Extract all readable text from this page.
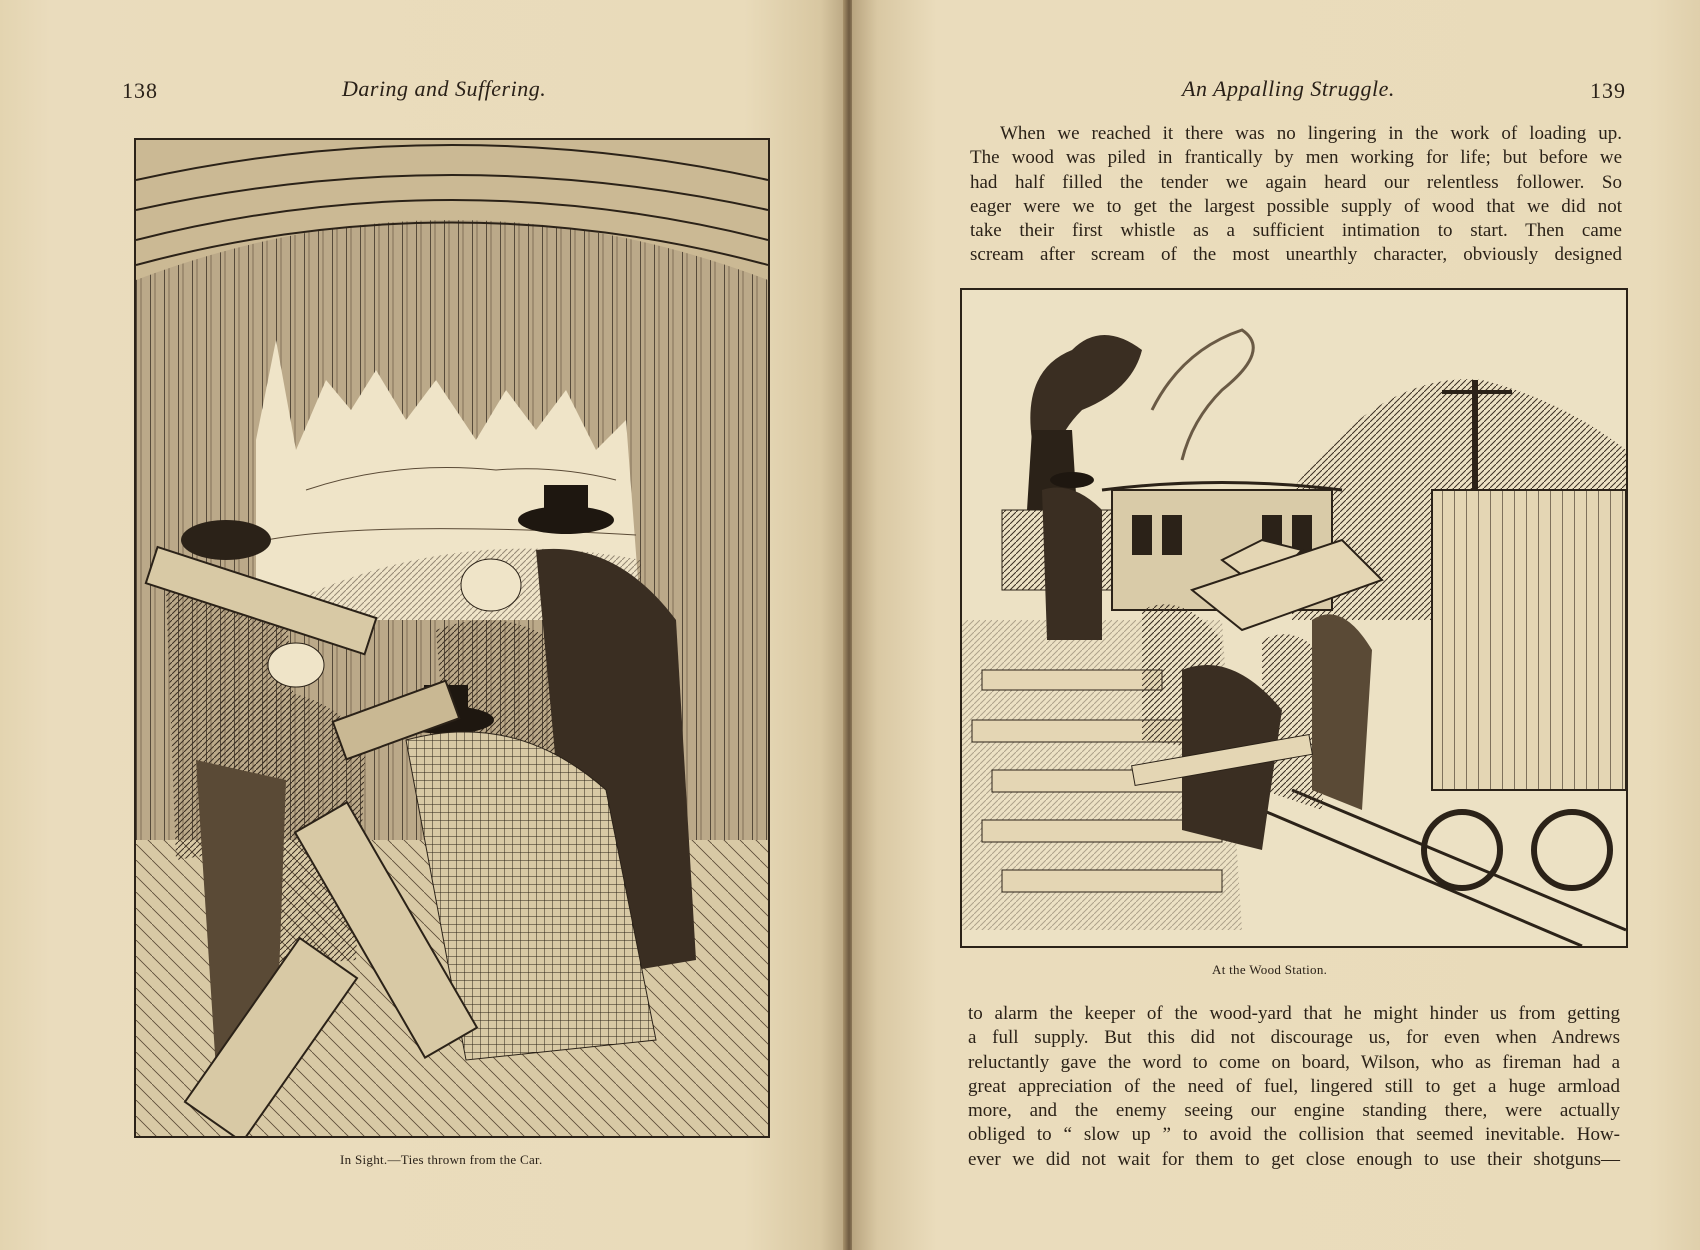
138	Daring and Suffering.
In Sight.—Ties thrown from the Car.
An Appalling Struggle.	139
When we reached it there was no lingering in the work of loading up.
The wood was piled in frantically by men working for life; but before we
had half filled the tender we again heard our relentless follower. So
eager were we to get the largest possible supply of wood that we did not
take their first whistle as a sufficient intimation to start. Then came
scream after scream of the most unearthly character, obviously designed
At the Wood Station.
to alarm the keeper of the wood-yard that he might hinder us from getting
a full supply. But this did not discourage us, for even when Andrews
reluctantly gave the word to come on board, Wilson, who as fireman had a
great appreciation of the need of fuel, lingered still to get a huge armload
more, and the enemy seeing our engine standing there, were actually
obliged to “ slow up ” to avoid the collision that seemed inevitable. How-
ever we did not wait for them to get close enough to use their shotguns—
